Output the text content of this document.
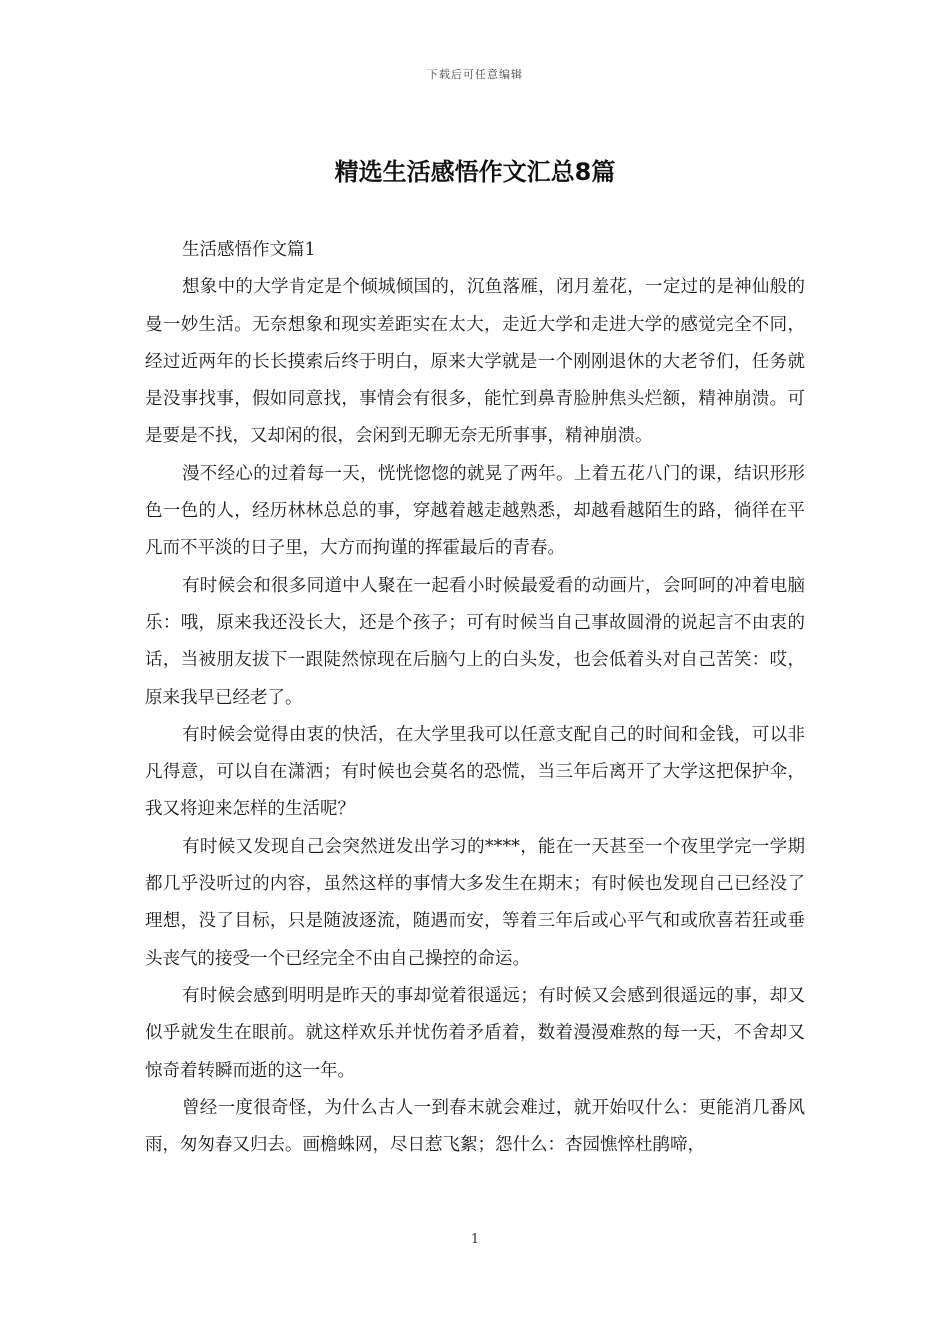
下载后可任意编辑
精选生活感悟作文汇总8篇

生活感悟作文篇1

想象中的大学肯定是个倾城倾国的，沉鱼落雁，闭月羞花，一定过的是神仙般的曼一妙生活。无奈想象和现实差距实在太大，走近大学和走进大学的感觉完全不同，经过近两年的长长摸索后终于明白，原来大学就是一个刚刚退休的大老爷们，任务就是没事找事，假如同意找，事情会有很多，能忙到鼻青脸肿焦头烂额，精神崩溃。可是要是不找，又却闲的很，会闲到无聊无奈无所事事，精神崩溃。

漫不经心的过着每一天，恍恍惚惚的就晃了两年。上着五花八门的课，结识形形色一色的人，经历林林总总的事，穿越着越走越熟悉，却越看越陌生的路，徜徉在平凡而不平淡的日子里，大方而拘谨的挥霍最后的青春。

有时候会和很多同道中人聚在一起看小时候最爱看的动画片，会呵呵的冲着电脑乐：哦，原来我还没长大，还是个孩子；可有时候当自己事故圆滑的说起言不由衷的话，当被朋友拔下一跟陡然惊现在后脑勺上的白头发，也会低着头对自己苦笑：哎，原来我早已经老了。

有时候会觉得由衷的快活，在大学里我可以任意支配自己的时间和金钱，可以非凡得意，可以自在潇洒；有时候也会莫名的恐慌，当三年后离开了大学这把保护伞，我又将迎来怎样的生活呢？

有时候又发现自己会突然迸发出学习的****，能在一天甚至一个夜里学完一学期都几乎没听过的内容，虽然这样的事情大多发生在期末；有时候也发现自己已经没了理想，没了目标，只是随波逐流，随遇而安，等着三年后或心平气和或欣喜若狂或垂头丧气的接受一个已经完全不由自己操控的命运。

有时候会感到明明是昨天的事却觉着很遥远；有时候又会感到很遥远的事，却又似乎就发生在眼前。就这样欢乐并忧伤着矛盾着，数着漫漫难熬的每一天，不舍却又惊奇着转瞬而逝的这一年。

曾经一度很奇怪，为什么古人一到春末就会难过，就开始叹什么：更能消几番风雨，匆匆春又归去。画檐蛛网，尽日惹飞絮；怨什么：杏园憔悴杜鹃啼，

1
